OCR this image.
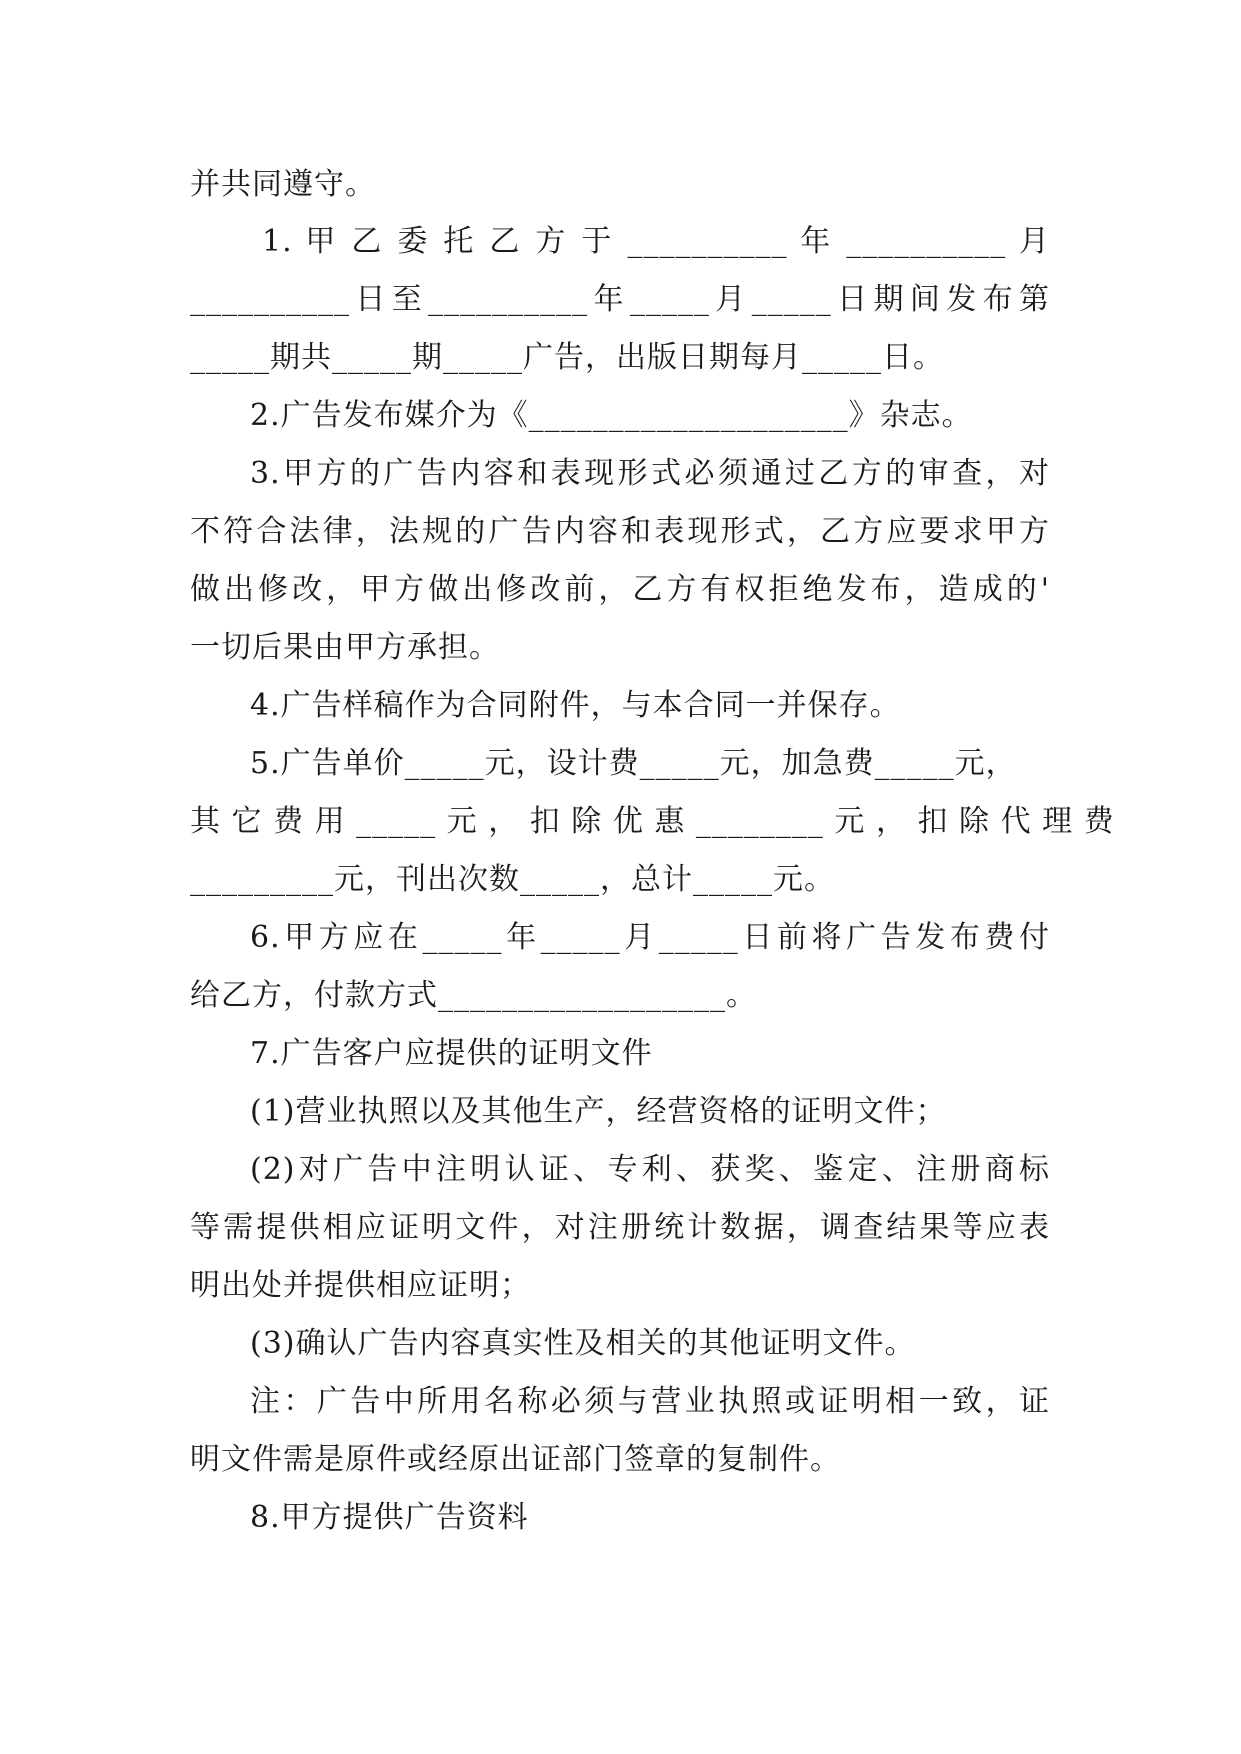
并共同遵守。
1. 甲 乙 委 托 乙 方 于 __________ 年 __________ 月
__________日至__________年_____月_____日期间发布第
_____期共_____期_____广告，出版日期每月_____日。
2.广告发布媒介为《____________________》杂志。
3.甲方的广告内容和表现形式必须通过乙方的审查，对
不符合法律，法规的广告内容和表现形式，乙方应要求甲方
做出修改，甲方做出修改前，乙方有权拒绝发布，造成的'
一切后果由甲方承担。
4.广告样稿作为合同附件，与本合同一并保存。
5.广告单价_____元，设计费_____元，加急费_____元，
其 它 费 用 _____ 元 ， 扣 除 优 惠 ________ 元 ， 扣 除 代 理 费
_________元，刊出次数_____，总计_____元。
6.甲方应在_____年_____月_____日前将广告发布费付
给乙方，付款方式__________________。
7.广告客户应提供的证明文件
(1)营业执照以及其他生产，经营资格的证明文件；
(2)对广告中注明认证、专利、获奖、鉴定、注册商标
等需提供相应证明文件，对注册统计数据，调查结果等应表
明出处并提供相应证明；
(3)确认广告内容真实性及相关的其他证明文件。
注：广告中所用名称必须与营业执照或证明相一致，证
明文件需是原件或经原出证部门签章的复制件。
8.甲方提供广告资料
